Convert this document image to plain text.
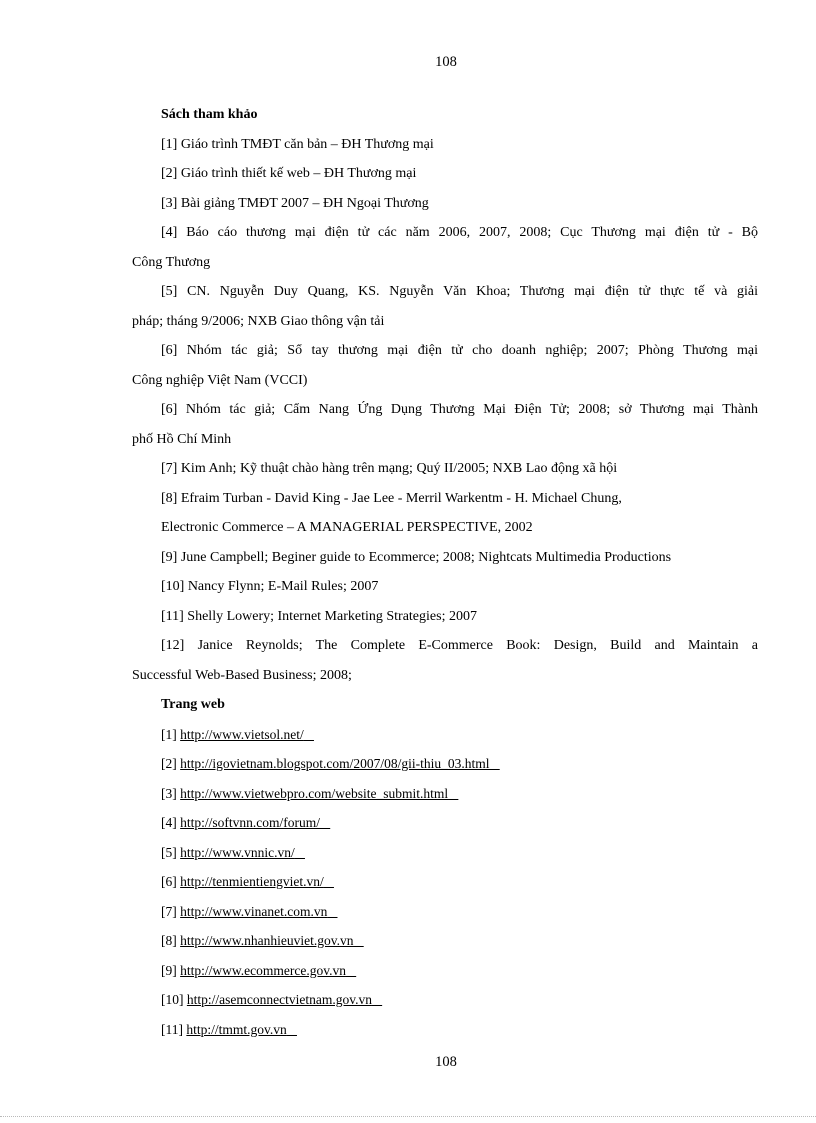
108
Sách tham khảo
[1] Giáo trình TMĐT căn bản – ĐH Thương mại
[2] Giáo trình thiết kế web – ĐH Thương mại
[3] Bài giảng TMĐT 2007 – ĐH Ngoại Thương
[4] Báo cáo thương mại điện tử các năm 2006, 2007, 2008; Cục Thương mại điện tử - Bộ
Công Thương
[5] CN. Nguyễn Duy Quang, KS. Nguyễn Văn Khoa; Thương mại điện tử thực tế và giải
pháp; tháng 9/2006; NXB Giao thông vận tải
[6] Nhóm tác giả; Sổ tay thương mại điện tử cho doanh nghiệp; 2007; Phòng Thương mại
Công nghiệp Việt Nam (VCCI)
[6] Nhóm tác giả; Cẩm Nang Ứng Dụng Thương Mại Điện Tử; 2008; sở Thương mại Thành
phố Hồ Chí Minh
[7] Kim Anh; Kỹ thuật chào hàng trên mạng; Quý II/2005; NXB Lao động xã hội
[8] Efraim Turban - David King - Jae Lee - Merril Warkentm - H. Michael Chung,
Electronic Commerce – A MANAGERIAL PERSPECTIVE, 2002
[9] June Campbell; Beginer guide to Ecommerce; 2008; Nightcats Multimedia Productions
[10] Nancy Flynn; E-Mail Rules; 2007
[11] Shelly Lowery; Internet Marketing Strategies; 2007
[12] Janice Reynolds; The Complete E-Commerce Book: Design, Build and Maintain a
Successful Web-Based Business; 2008;
Trang web
[1] http://www.vietsol.net/
[2] http://igovietnam.blogspot.com/2007/08/gii-thiu_03.html
[3] http://www.vietwebpro.com/website_submit.html
[4] http://softvnn.com/forum/
[5] http://www.vnnic.vn/
[6] http://tenmientiengviet.vn/
[7] http://www.vinanet.com.vn
[8] http://www.nhanhieuviet.gov.vn
[9] http://www.ecommerce.gov.vn
[10] http://asemconnectvietnam.gov.vn
[11] http://tmmt.gov.vn
108
